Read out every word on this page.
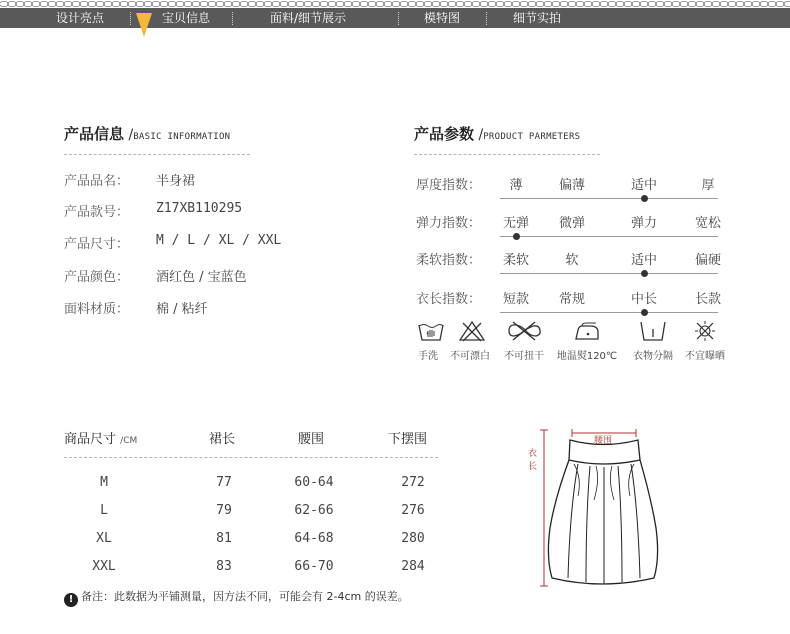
设计亮点	宝贝信息	面料/细节展示	模特图	细节实拍
产品信息 /BASIC INFORMATION
产品品名： 半身裙
产品款号： Z17XB110295
产品尺寸： M / L / XL / XXL
产品颜色： 酒红色 / 宝蓝色
面料材质： 棉 / 粘纤
产品参数 /PRODUCT PARMETERS
厚度指数： 薄	偏薄	适中	厚
弹力指数： 无弹 微弹	弹力	宽松
柔软指数： 柔软	软	适中	偏硬
衣长指数： 短款 常规	中长	长款
手洗 不可漂白 不可扭干 地温熨120℃ 衣物分隔 不宜曝晒
商品尺寸 /CM	裙长	腰围	下摆围
M	77	60-64	272
L	79	62-66	276
XL	81	64-68	280
XXL	83	66-70	284
! 备注：此数据为平铺测量，因方法不同，可能会有 2-4cm 的误差。
腰围
衣长
